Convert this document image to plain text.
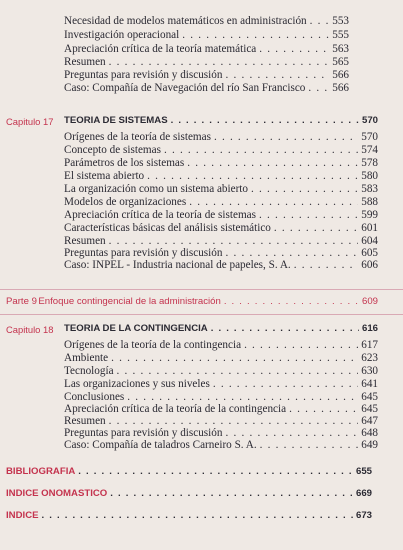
Necesidad de modelos matemáticos en administración . . . 553
Investigación operacional . . .	555
Apreciación crítica de la teoría matemática . . .	563
Resumen . . .	565
Preguntas para revisión y discusión . . .	566
Caso: Compañía de Navegación del río San Francisco . . . 566
Capitulo 17 TEORIA DE SISTEMAS . . .	570
Orígenes de la teoría de sistemas . . .	570
Concepto de sistemas . . .	574
Parámetros de los sistemas . . .	578
El sistema abierto . . .	580
La organización como un sistema abierto . . .	583
Modelos de organizaciones . . .	588
Apreciación crítica de la teoría de sistemas . . .	599
Características básicas del análisis sistemático . . .	601
Resumen . . .	604
Preguntas para revisión y discusión . . .	605
Caso: INPEL - Industria nacional de papeles, S. A. . . .	606
Parte 9 Enfoque contingencial de la administración . . .	609
Capitulo 18 TEORIA DE LA CONTINGENCIA . . .	616
Orígenes de la teoría de la contingencia . . .	617
Ambiente . . .	623
Tecnología . . .	630
Las organizaciones y sus niveles . . .	641
Conclusiones . . .	645
Apreciación crítica de la teoría de la contingencia . . .	645
Resumen . . .	647
Preguntas para revisión y discusión . . .	648
Caso: Compañía de taladros Carneiro S. A. . . .	649
BIBLIOGRAFIA . . .	655
INDICE ONOMASTICO . . .	669
INDICE . . .	673
